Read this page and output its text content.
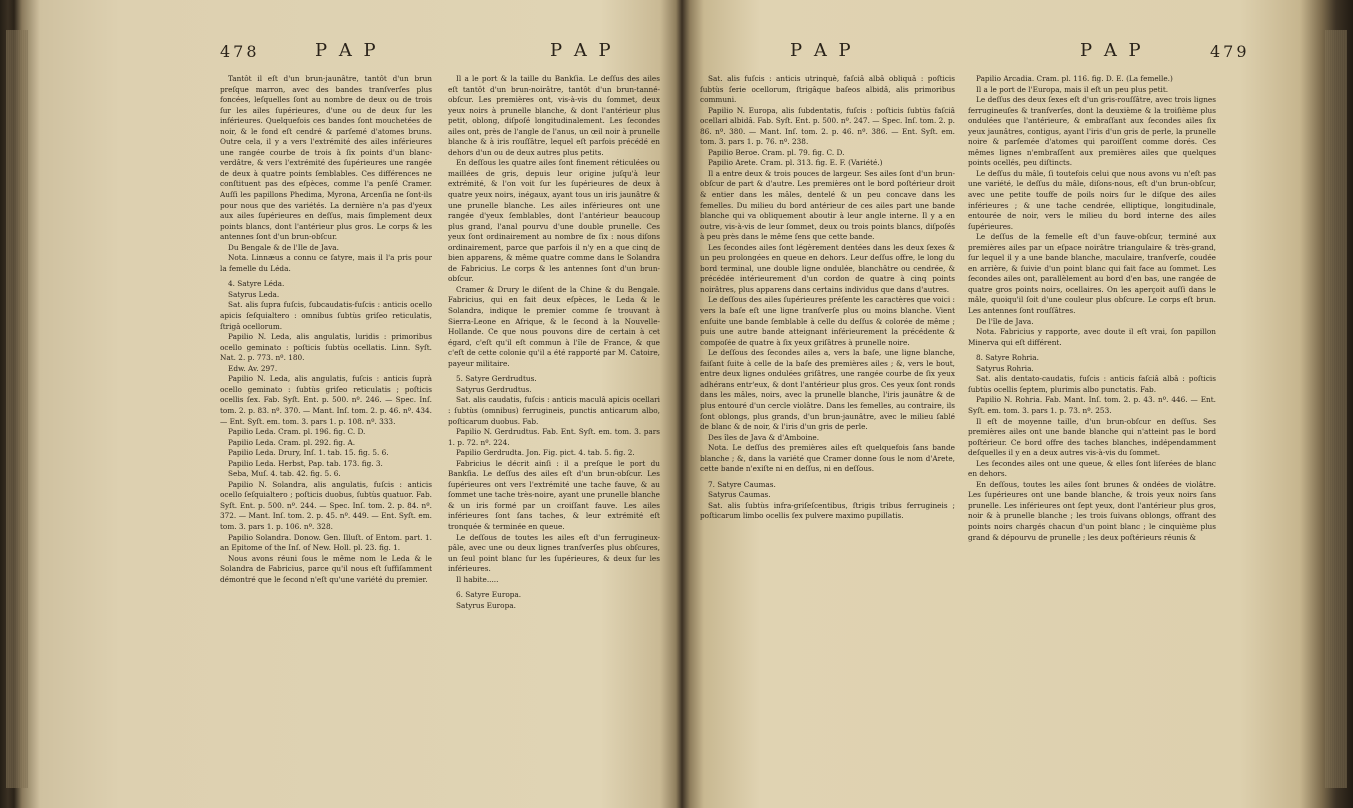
478	P A P	P A P

Tantôt il eſt d'un brun-jaunâtre, tantôt d'un brun preſque marron, avec des bandes tranſverſes plus foncées, leſquelles ſont au nombre de deux ou de trois ſur les ailes ſupérieures, d'une ou de deux ſur les inférieures. Quelquefois ces bandes ſont mouchetées de noir, & le fond eſt cendré & parſemé d'atomes bruns. Outre cela, il y a vers l'extrémité des ailes inférieures une rangée courbe de trois à ſix points d'un blanc-verdâtre, & vers l'extrémité des ſupérieures une rangée de deux à quatre points ſemblables. Ces différences ne conſtituent pas des eſpèces, comme l'a penſé Cramer. Auſſi les papillons Phedima, Myrona, Arcenſia ne ſont-ils pour nous que des variétés. La dernière n'a pas d'yeux aux ailes ſupérieures en deſſus, mais ſimplement deux points blancs, dont l'antérieur plus gros. Le corps & les antennes ſont d'un brun-obſcur.

Du Bengale & de l'Ile de Java.

Nota. Linnæus a connu ce ſatyre, mais il l'a pris pour la femelle du Léda.

4. Satyre Léda.

Satyrus Leda.

Sat. alis ſupra fuſcis, ſubcaudatis-fuſcis : anticis ocello apicis ſeſquialtero : omnibus ſubtùs griſeo reticulatis, ſtrigâ ocellorum.

Papilio N. Leda, alis angulatis, luridis : primoribus ocello geminato : poſticis ſubtùs ocellatis. Linn. Syſt. Nat. 2. p. 773. nº. 180.

Edw. Av. 297.

Papilio N. Leda, alis angulatis, fuſcis : anticis ſuprà ocello geminato : ſubtùs griſeo reticulatis ; poſticis ocellis ſex. Fab. Syſt. Ent. p. 500. nº. 246. — Spec. Inſ. tom. 2. p. 83. nº. 370. — Mant. Inſ. tom. 2. p. 46. nº. 434. — Ent. Syſt. em. tom. 3. pars 1. p. 108. nº. 333.

Papilio Leda. Cram. pl. 196. fig. C. D.

Papilio Leda. Cram. pl. 292. fig. A.

Papilio Leda. Drury, Inſ. 1. tab. 15. fig. 5. 6.

Papilio Leda. Herbst, Pap. tab. 173. fig. 3.

Seba, Muſ. 4. tab. 42. fig. 5. 6.

Papilio N. Solandra, alis angulatis, fuſcis : anticis ocello ſeſquialtero ; poſticis duobus, ſubtùs quatuor. Fab. Syſt. Ent. p. 500. nº. 244. — Spec. Inſ. tom. 2. p. 84. nº. 372. — Mant. Inſ. tom. 2. p. 45. nº. 449. — Ent. Syſt. em. tom. 3. pars 1. p. 106. nº. 328.

Papilio Solandra. Donow. Gen. Illuſt. of Entom. part. 1. an Epitome of the Inſ. of New. Holl. pl. 23. fig. 1.

Nous avons réuni ſous le même nom le Leda & le Solandra de Fabricius, parce qu'il nous eſt ſuffiſamment démontré que le ſecond n'eſt qu'une variété du premier.

Il a le port & la taille du Bankſia. Le deſſus des ailes eſt tantôt d'un brun-noirâtre, tantôt d'un brun-tanné-obſcur. Les premières ont, vis-à-vis du ſommet, deux yeux noirs à prunelle blanche, & dont l'antérieur plus petit, oblong, diſpoſé longitudinalement. Les ſecondes ailes ont, près de l'angle de l'anus, un œil noir à prunelle blanche & à iris rouſſâtre, lequel eſt parfois précédé en dehors d'un ou de deux autres plus petits.

En deſſous les quatre ailes ſont finement réticulées ou maillées de gris, depuis leur origine juſqu'à leur extrémité, & l'on voit ſur les ſupérieures de deux à quatre yeux noirs, inégaux, ayant tous un iris jaunâtre & une prunelle blanche. Les ailes inférieures ont une rangée d'yeux ſemblables, dont l'antérieur beaucoup plus grand, l'anal pourvu d'une double prunelle. Ces yeux ſont ordinairement au nombre de ſix : nous diſons ordinairement, parce que parfois il n'y en a que cinq de bien apparens, & même quatre comme dans le Solandra de Fabricius. Le corps & les antennes ſont d'un brun-obſcur.

Cramer & Drury le diſent de la Chine & du Bengale. Fabricius, qui en fait deux eſpèces, le Leda & le Solandra, indique le premier comme ſe trouvant à Sierra-Leone en Afrique, & le ſecond à la Nouvelle-Hollande. Ce que nous pouvons dire de certain à cet égard, c'eſt qu'il eſt commun à l'île de France, & que c'eſt de cette colonie qu'il a été rapporté par M. Catoire, payeur militaire.

5. Satyre Gerdrudtus.

Satyrus Gerdrudtus.

Sat. alis caudatis, fuſcis : anticis maculâ apicis ocellari : ſubtùs (omnibus) ferrugineis, punctis anticarum albo, poſticarum duobus. Fab.

Papilio N. Gerdrudtus. Fab. Ent. Syſt. em. tom. 3. pars 1. p. 72. nº. 224.

Papilio Gerdrudta. Jon. Fig. pict. 4. tab. 5. fig. 2.

Fabricius le décrit ainſi : il a preſque le port du Bankſia. Le deſſus des ailes eſt d'un brun-obſcur. Les ſupérieures ont vers l'extrémité une tache fauve, & au ſommet une tache très-noire, ayant une prunelle blanche & un iris formé par un croiſſant fauve. Les ailes inférieures ſont ſans taches, & leur extrémité eſt tronquée & terminée en queue.

Le deſſous de toutes les ailes eſt d'un ferrugineux-pâle, avec une ou deux lignes tranſverſes plus obſcures, un ſeul point blanc ſur les ſupérieures, & deux ſur les inférieures.

Il habite.....

6. Satyre Europa.

Satyrus Europa.

P A P	P A P	479

Sat. alis fuſcis : anticis utrinquè, faſciâ albâ obliquâ : poſticis ſubtùs ſerie ocellorum, ſtrigâque baſeos albidâ, alis primoribus communi.

Papilio N. Europa, alis ſubdentatis, fuſcis : poſticis ſubtùs faſciâ ocellari albidâ. Fab. Syſt. Ent. p. 500. nº. 247. — Spec. Inſ. tom. 2. p. 86. nº. 380. — Mant. Inſ. tom. 2. p. 46. nº. 386. — Ent. Syſt. em. tom. 3. pars 1. p. 76. nº. 238.

Papilio Beroe. Cram. pl. 79. fig. C. D.

Papilio Arete. Cram. pl. 313. fig. E. F. (Variété.)

Il a entre deux & trois pouces de largeur. Ses ailes ſont d'un brun-obſcur de part & d'autre. Les premières ont le bord poſtérieur droit & entier dans les mâles, dentelé & un peu concave dans les femelles. Du milieu du bord antérieur de ces ailes part une bande blanche qui va obliquement aboutir à leur angle interne. Il y a en outre, vis-à-vis de leur ſommet, deux ou trois points blancs, diſpoſés à peu près dans le même ſens que cette bande.

Les ſecondes ailes ſont légèrement dentées dans les deux ſexes & un peu prolongées en queue en dehors. Leur deſſus offre, le long du bord terminal, une double ligne ondulée, blanchâtre ou cendrée, & précédée intérieurement d'un cordon de quatre à cinq points noirâtres, plus apparens dans certains individus que dans d'autres.

Le deſſous des ailes ſupérieures préſente les caractères que voici : vers la baſe eſt une ligne tranſverſe plus ou moins blanche. Vient enſuite une bande ſemblable à celle du deſſus & colorée de même ; puis une autre bande atteignant inférieurement la précédente & compoſée de quatre à ſix yeux griſâtres à prunelle noire.

Le deſſous des ſecondes ailes a, vers la baſe, une ligne blanche, faiſant ſuite à celle de la baſe des premières ailes ; &, vers le bout, entre deux lignes ondulées griſâtres, une rangée courbe de ſix yeux adhérans entr'eux, & dont l'antérieur plus gros. Ces yeux ſont ronds dans les mâles, noirs, avec la prunelle blanche, l'iris jaunâtre & de plus entouré d'un cercle violâtre. Dans les femelles, au contraire, ils ſont oblongs, plus grands, d'un brun-jaunâtre, avec le milieu ſablé de blanc & de noir, & l'iris d'un gris de perle.

Des îles de Java & d'Amboine.

Nota. Le deſſus des premières ailes eſt quelquefois ſans bande blanche ; &, dans la variété que Cramer donne ſous le nom d'Arete, cette bande n'exiſte ni en deſſus, ni en deſſous.

7. Satyre Caumas.

Satyrus Caumas.

Sat. alis ſubtùs infra-griſeſcentibus, ſtrigis tribus ferrugineis ; poſticarum limbo ocellis ſex pulvere maximo pupillatis.

Papilio Arcadia. Cram. pl. 116. fig. D. E. (La femelle.)

Il a le port de l'Europa, mais il eſt un peu plus petit.

Le deſſus des deux ſexes eſt d'un gris-rouſſâtre, avec trois lignes ferrugineuſes & tranſverſes, dont la deuxième & la troiſième plus ondulées que l'antérieure, & embraſſant aux ſecondes ailes ſix yeux jaunâtres, contigus, ayant l'iris d'un gris de perle, la prunelle noire & parſemée d'atomes qui paroiſſent comme dorés. Ces mêmes lignes n'embraſſent aux premières ailes que quelques points ocellés, peu diſtincts.

Le deſſus du mâle, ſi toutefois celui que nous avons vu n'eſt pas une variété, le deſſus du mâle, diſons-nous, eſt d'un brun-obſcur, avec une petite touffe de poils noirs ſur le diſque des ailes inférieures ; & une tache cendrée, elliptique, longitudinale, entourée de noir, vers le milieu du bord interne des ailes ſupérieures.

Le deſſus de la femelle eſt d'un fauve-obſcur, terminé aux premières ailes par un eſpace noirâtre triangulaire & très-grand, ſur lequel il y a une bande blanche, maculaire, tranſverſe, coudée en arrière, & ſuivie d'un point blanc qui fait face au ſommet. Les ſecondes ailes ont, parallèlement au bord d'en bas, une rangée de quatre gros points noirs, ocellaires. On les aperçoit auſſi dans le mâle, quoiqu'il ſoit d'une couleur plus obſcure. Le corps eſt brun. Les antennes ſont rouſſâtres.

De l'île de Java.

Nota. Fabricius y rapporte, avec doute il eſt vrai, ſon papillon Minerva qui eſt différent.

8. Satyre Rohria.

Satyrus Rohria.

Sat. alis dentato-caudatis, fuſcis : anticis faſciâ albâ : poſticis ſubtùs ocellis ſeptem, plurimis albo punctatis. Fab.

Papilio N. Rohria. Fab. Mant. Inſ. tom. 2. p. 43. nº. 446. — Ent. Syſt. em. tom. 3. pars 1. p. 73. nº. 253.

Il eſt de moyenne taille, d'un brun-obſcur en deſſus. Ses premières ailes ont une bande blanche qui n'atteint pas le bord poſtérieur. Ce bord offre des taches blanches, indépendamment deſquelles il y en a deux autres vis-à-vis du ſommet.

Les ſecondes ailes ont une queue, & elles ſont liſerées de blanc en dehors.

En deſſous, toutes les ailes ſont brunes & ondées de violâtre. Les ſupérieures ont une bande blanche, & trois yeux noirs ſans prunelle. Les inférieures ont ſept yeux, dont l'antérieur plus gros, noir & à prunelle blanche ; les trois ſuivans oblongs, offrant des points noirs chargés chacun d'un point blanc ; le cinquième plus grand & dépourvu de prunelle ; les deux poſtérieurs réunis &
